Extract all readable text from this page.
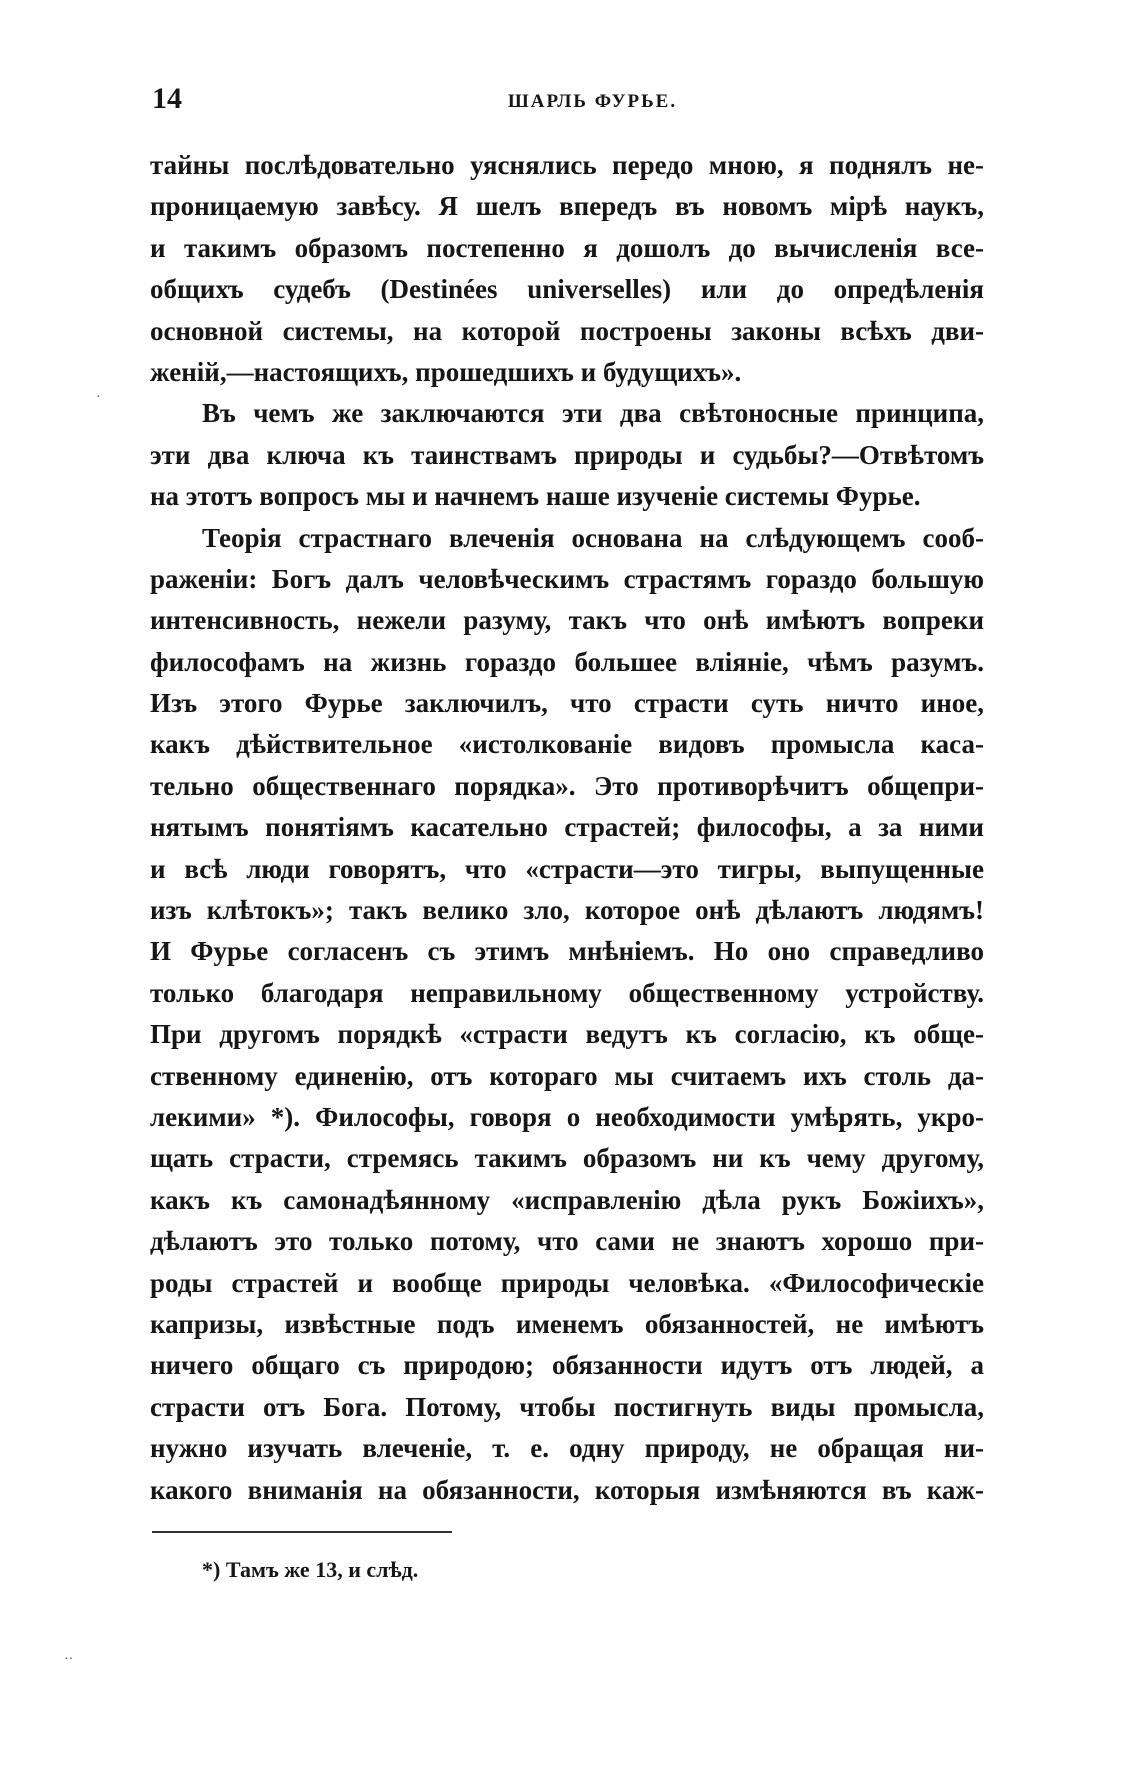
14	ШАРЛЬ ФУРЬЕ.
тайны послѣдовательно уяснялись передо мною, я поднялъ не-
проницаемую завѣсу. Я шелъ впередъ въ новомъ мірѣ наукъ,
и такимъ образомъ постепенно я дошолъ до вычисленія все-
общихъ судебъ (Destinées universelles) или до опредѣленія
основной системы, на которой построены законы всѣхъ дви-
женій,—настоящихъ, прошедшихъ и будущихъ».
Въ чемъ же заключаются эти два свѣтоносные принципа,
эти два ключа къ таинствамъ природы и судьбы?—Отвѣтомъ
на этотъ вопросъ мы и начнемъ наше изученіе системы Фурье.
Теорія страстнаго влеченія основана на слѣдующемъ сооб-
раженіи: Богъ далъ человѣческимъ страстямъ гораздо большую
интенсивность, нежели разуму, такъ что онѣ имѣютъ вопреки
философамъ на жизнь гораздо большее вліяніе, чѣмъ разумъ.
Изъ этого Фурье заключилъ, что страсти суть ничто иное,
какъ дѣйствительное «истолкованіе видовъ промысла каса-
тельно общественнаго порядка». Это противорѣчитъ общепри-
нятымъ понятіямъ касательно страстей; философы, а за ними
и всѣ люди говорятъ, что «страсти—это тигры, выпущенные
изъ клѣтокъ»; такъ велико зло, которое онѣ дѣлаютъ людямъ!
И Фурье согласенъ съ этимъ мнѣніемъ. Но оно справедливо
только благодаря неправильному общественному устройству.
При другомъ порядкѣ «страсти ведутъ къ согласію, къ обще-
ственному единенію, отъ котораго мы считаемъ ихъ столь да-
лекими» *). Философы, говоря о необходимости умѣрять, укро-
щать страсти, стремясь такимъ образомъ ни къ чему другому,
какъ къ самонадѣянному «исправленію дѣла рукъ Божіихъ»,
дѣлаютъ это только потому, что сами не знаютъ хорошо при-
роды страстей и вообще природы человѣка. «Философическіе
капризы, извѣстные подъ именемъ обязанностей, не имѣютъ
ничего общаго съ природою; обязанности идутъ отъ людей, а
страсти отъ Бога. Потому, чтобы постигнуть виды промысла,
нужно изучать влеченіе, т. е. одну природу, не обращая ни-
какого вниманія на обязанности, которыя измѣняются въ каж-
*) Тамъ же 13, и слѣд.
·
··
